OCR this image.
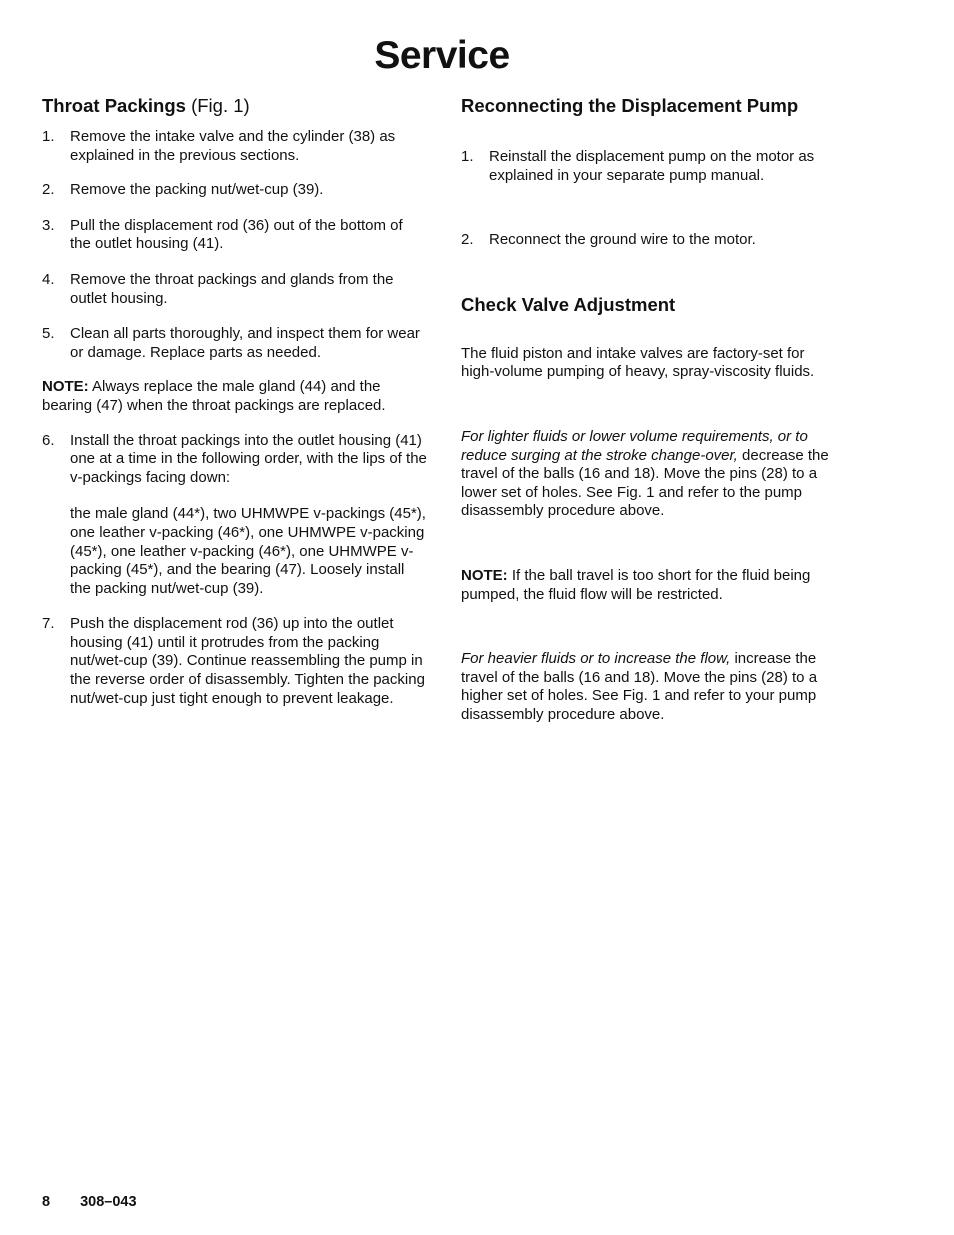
Service
Throat Packings (Fig. 1)
1.	Remove the intake valve and the cylinder (38) as explained in the previous sections.
2.	Remove the packing nut/wet-cup (39).
3.	Pull the displacement rod (36) out of the bottom of the outlet housing (41).
4.	Remove the throat packings and glands from the outlet housing.
5.	Clean all parts thoroughly, and inspect them for wear or damage. Replace parts as needed.

NOTE: Always replace the male gland (44) and the bearing (47) when the throat packings are replaced.

6.	Install the throat packings into the outlet housing (41) one at a time in the following order, with the lips of the v-packings facing down:

the male gland (44*), two UHMWPE v-packings (45*), one leather v-packing (46*), one UHMWPE v-packing (45*), one leather v-packing (46*), one UHMWPE v-packing (45*), and the bearing (47). Loosely install the packing nut/wet-cup (39).

7.	Push the displacement rod (36) up into the outlet housing (41) until it protrudes from the packing nut/wet-cup (39). Continue reassembling the pump in the reverse order of disassembly. Tighten the packing nut/wet-cup just tight enough to prevent leakage.
Reconnecting the Displacement Pump
1.	Reinstall the displacement pump on the motor as explained in your separate pump manual.
2.	Reconnect the ground wire to the motor.
Check Valve Adjustment

The fluid piston and intake valves are factory-set for high-volume pumping of heavy, spray-viscosity fluids.

For lighter fluids or lower volume requirements, or to reduce surging at the stroke change-over, decrease the travel of the balls (16 and 18). Move the pins (28) to a lower set of holes. See Fig. 1 and refer to the pump disassembly procedure above.

NOTE: If the ball travel is too short for the fluid being pumped, the fluid flow will be restricted.

For heavier fluids or to increase the flow, increase the travel of the balls (16 and 18). Move the pins (28) to a higher set of holes. See Fig. 1 and refer to your pump disassembly procedure above.

8 308–043
